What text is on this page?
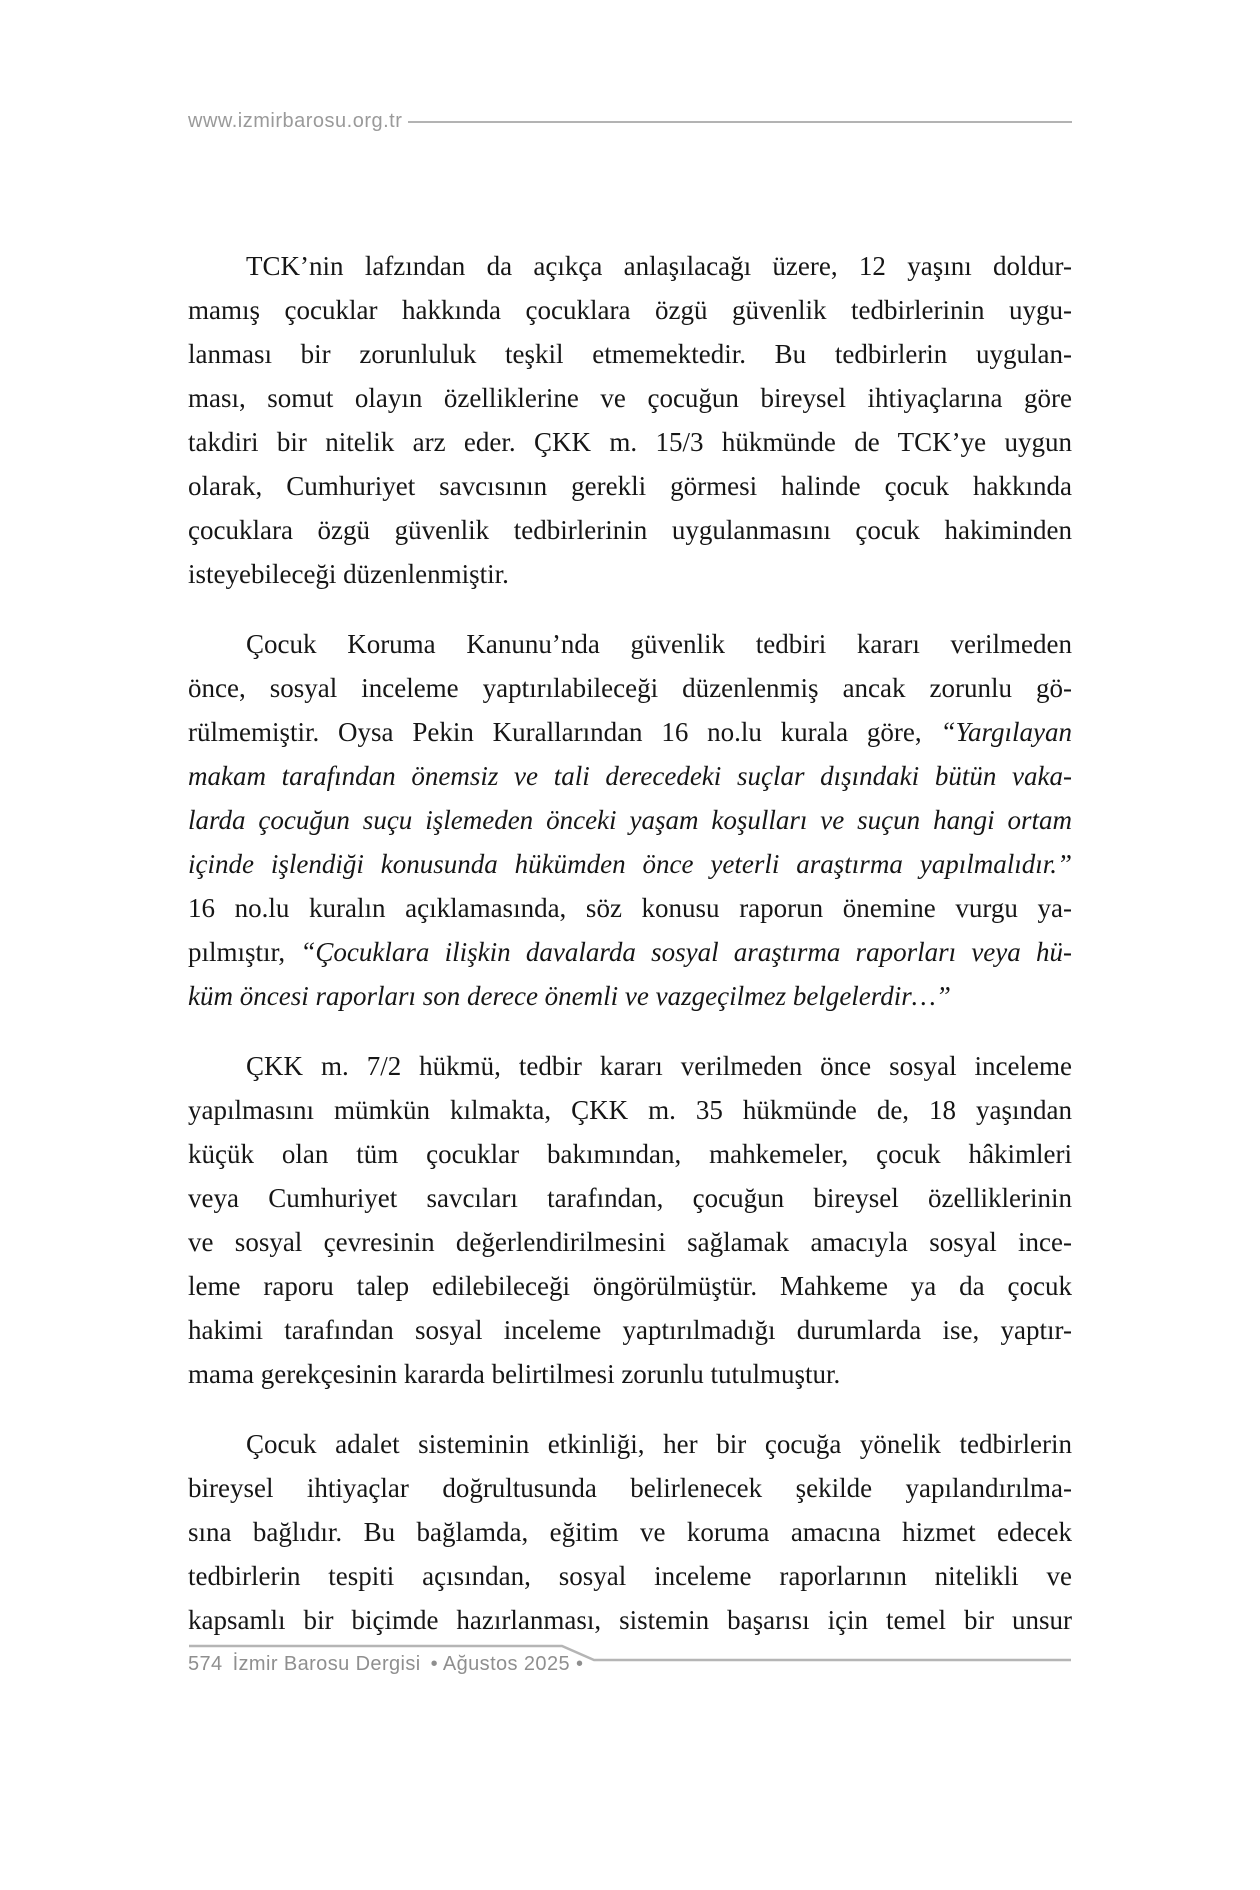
www.izmirbarosu.org.tr
TCK’nin lafzından da açıkça anlaşılacağı üzere, 12 yaşını doldur-
mamış çocuklar hakkında çocuklara özgü güvenlik tedbirlerinin uygu-
lanması bir zorunluluk teşkil etmemektedir. Bu tedbirlerin uygulan-
ması, somut olayın özelliklerine ve çocuğun bireysel ihtiyaçlarına göre
takdiri bir nitelik arz eder. ÇKK m. 15/3 hükmünde de TCK’ye uygun
olarak, Cumhuriyet savcısının gerekli görmesi halinde çocuk hakkında
çocuklara özgü güvenlik tedbirlerinin uygulanmasını çocuk hakiminden
isteyebileceği düzenlenmiştir.
Çocuk Koruma Kanunu’nda güvenlik tedbiri kararı verilmeden
önce, sosyal inceleme yaptırılabileceği düzenlenmiş ancak zorunlu gö-
rülmemiştir. Oysa Pekin Kurallarından 16 no.lu kurala göre, “Yargılayan
makam tarafından önemsiz ve tali derecedeki suçlar dışındaki bütün vaka-
larda çocuğun suçu işlemeden önceki yaşam koşulları ve suçun hangi ortam
içinde işlendiği konusunda hükümden önce yeterli araştırma yapılmalıdır.”
16 no.lu kuralın açıklamasında, söz konusu raporun önemine vurgu ya-
pılmıştır, “Çocuklara ilişkin davalarda sosyal araştırma raporları veya hü-
küm öncesi raporları son derece önemli ve vazgeçilmez belgelerdir…”
ÇKK m. 7/2 hükmü, tedbir kararı verilmeden önce sosyal inceleme
yapılmasını mümkün kılmakta, ÇKK m. 35 hükmünde de, 18 yaşından
küçük olan tüm çocuklar bakımından, mahkemeler, çocuk hâkimleri
veya Cumhuriyet savcıları tarafından, çocuğun bireysel özelliklerinin
ve sosyal çevresinin değerlendirilmesini sağlamak amacıyla sosyal ince-
leme raporu talep edilebileceği öngörülmüştür. Mahkeme ya da çocuk
hakimi tarafından sosyal inceleme yaptırılmadığı durumlarda ise, yaptır-
mama gerekçesinin kararda belirtilmesi zorunlu tutulmuştur.
Çocuk adalet sisteminin etkinliği, her bir çocuğa yönelik tedbirlerin
bireysel ihtiyaçlar doğrultusunda belirlenecek şekilde yapılandırılma-
sına bağlıdır. Bu bağlamda, eğitim ve koruma amacına hizmet edecek
tedbirlerin tespiti açısından, sosyal inceleme raporlarının nitelikli ve
kapsamlı bir biçimde hazırlanması, sistemin başarısı için temel bir unsur
574 İzmir Barosu Dergisi • Ağustos 2025 •
